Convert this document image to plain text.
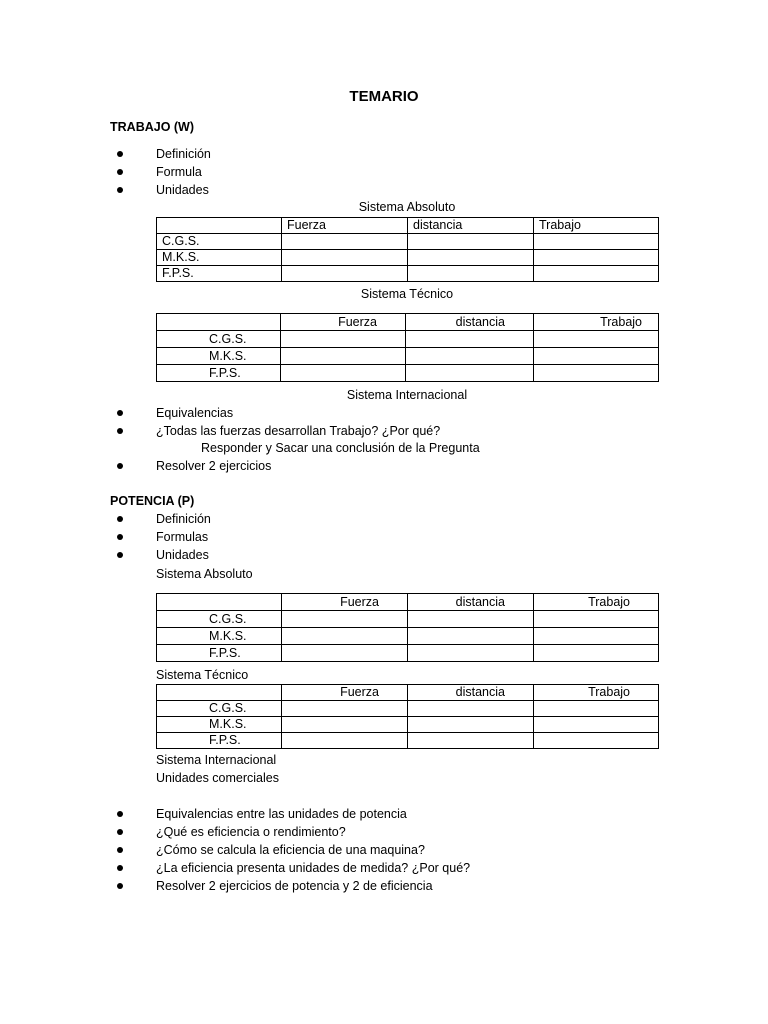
TEMARIO
TRABAJO (W)
Definición
Formula
Unidades
Sistema Absoluto
	Fuerza	distancia	Trabajo
C.G.S.			
M.K.S.			
F.P.S.			
Sistema Técnico
	Fuerza	distancia	Trabajo
C.G.S.			
M.K.S.			
F.P.S.			
Sistema Internacional
Equivalencias
¿Todas las fuerzas desarrollan Trabajo? ¿Por qué?
Responder y Sacar una conclusión de la Pregunta
Resolver 2 ejercicios
POTENCIA (P)
Definición
Formulas
Unidades
Sistema Absoluto
	Fuerza	distancia	Trabajo
C.G.S.			
M.K.S.			
F.P.S.			
Sistema Técnico
	Fuerza	distancia	Trabajo
C.G.S.			
M.K.S.			
F.P.S.			
Sistema Internacional
Unidades comerciales
Equivalencias entre las unidades de potencia
¿Qué es eficiencia o rendimiento?
¿Cómo se calcula la eficiencia de una maquina?
¿La eficiencia presenta unidades de medida? ¿Por qué?
Resolver 2 ejercicios de potencia y 2 de eficiencia
